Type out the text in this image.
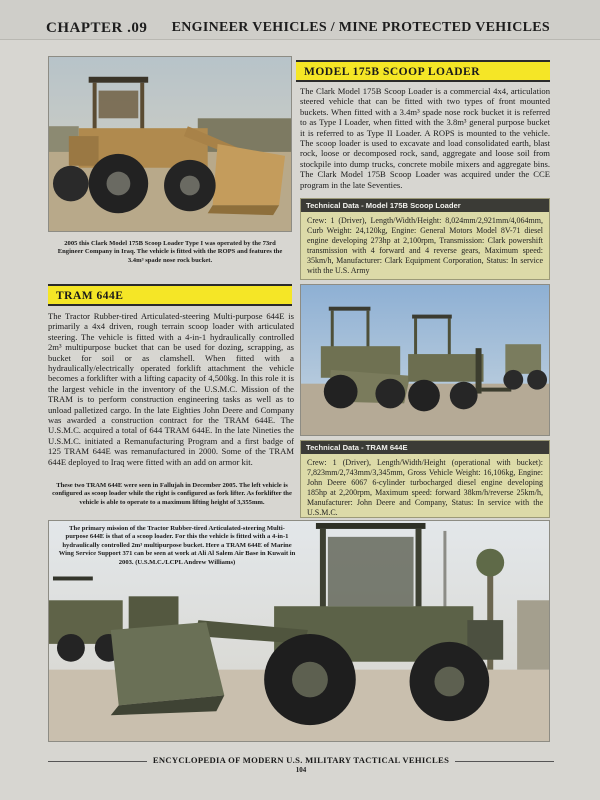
CHAPTER .09 ENGINEER VEHICLES / MINE PROTECTED VEHICLES
MODEL 175B SCOOP LOADER
The Clark Model 175B Scoop Loader is a commercial 4x4, articulation steered vehicle that can be fitted with two types of front mounted buckets. When fitted with a 3.4m³ spade nose rock bucket it is referred to as Type I Loader, when fitted with the 3.8m³ general purpose bucket it is referred to as Type II Loader. A ROPS is mounted to the vehicle. The scoop loader is used to excavate and load consolidated earth, blast rock, loose or decomposed rock, sand, aggregate and loose soil from stockpile into dump trucks, concrete mobile mixers and aggregate bins. The Clark Model 175B Scoop Loader was acquired under the CCE program in the late Seventies.
2005 this Clark Model 175B Scoop Loader Type I was operated by the 73rd Engineer Company in Iraq. The vehicle is fitted with the ROPS and features the 3.4m³ spade nose rock bucket.
Technical Data - Model 175B Scoop Loader
Crew: 1 (Driver), Length/Width/Height: 8,024mm/2,921mm/4,064mm, Curb Weight: 24,120kg, Engine: General Motors Model 8V-71 diesel engine developing 273hp at 2,100rpm, Transmission: Clark powershift transmission with 4 forward and 4 reverse gears, Maximum speed: 35km/h, Manufacturer: Clark Equipment Corporation, Status: In service with the U.S. Army
TRAM 644E
The Tractor Rubber-tired Articulated-steering Multi-purpose 644E is primarily a 4x4 driven, rough terrain scoop loader with articulated steering. The vehicle is fitted with a 4-in-1 hydraulically controlled 2m³ multipurpose bucket that can be used for dozing, scrapping, as bucket for soil or as clamshell. When fitted with a hydraulically/electrically operated forklift attachment the vehicle becomes a forklifter with a lifting capacity of 4,500kg. In this role it is the largest vehicle in the inventory of the U.S.M.C. Mission of the TRAM is to perform construction engineering tasks as well as to unload palletized cargo. In the late Eighties John Deere and Company was awarded a construction contract for the TRAM 644E. The U.S.M.C. acquired a total of 644 TRAM 644E. In the late Nineties the U.S.M.C. initiated a Remanufacturing Program and a first badge of 125 TRAM 644E was remanufactured in 2000. Some of the TRAM 644E deployed to Iraq were fitted with an add on armor kit.
Technical Data - TRAM 644E
Crew: 1 (Driver), Length/Width/Height (operational with bucket): 7,823mm/2,743mm/3,345mm, Gross Vehicle Weight: 16,106kg, Engine: John Deere 6067 6-cylinder turbocharged diesel engine developing 185hp at 2,200rpm, Maximum speed: forward 38km/h/reverse 25km/h, Manufacturer: John Deere and Company, Status: In service with the U.S.M.C.
These two TRAM 644E were seen in Fallujah in December 2005. The left vehicle is configured as scoop loader while the right is configured as fork lifter. As forklifter the vehicle is able to operate to a maximum lifting height of 3,355mm.
The primary mission of the Tractor Rubber-tired Articulated-steering Multi-purpose 644E is that of a scoop loader. For this the vehicle is fitted with a 4-in-1 hydraulically controlled 2m³ multipurpose bucket. Here a TRAM 644E of Marine Wing Service Support 371 can be seen at work at Ali Al Salem Air Base in Kuwait in 2003. (U.S.M.C./LCPL Andrew Williams)
ENCYCLOPEDIA OF MODERN U.S. MILITARY TACTICAL VEHICLES
104
